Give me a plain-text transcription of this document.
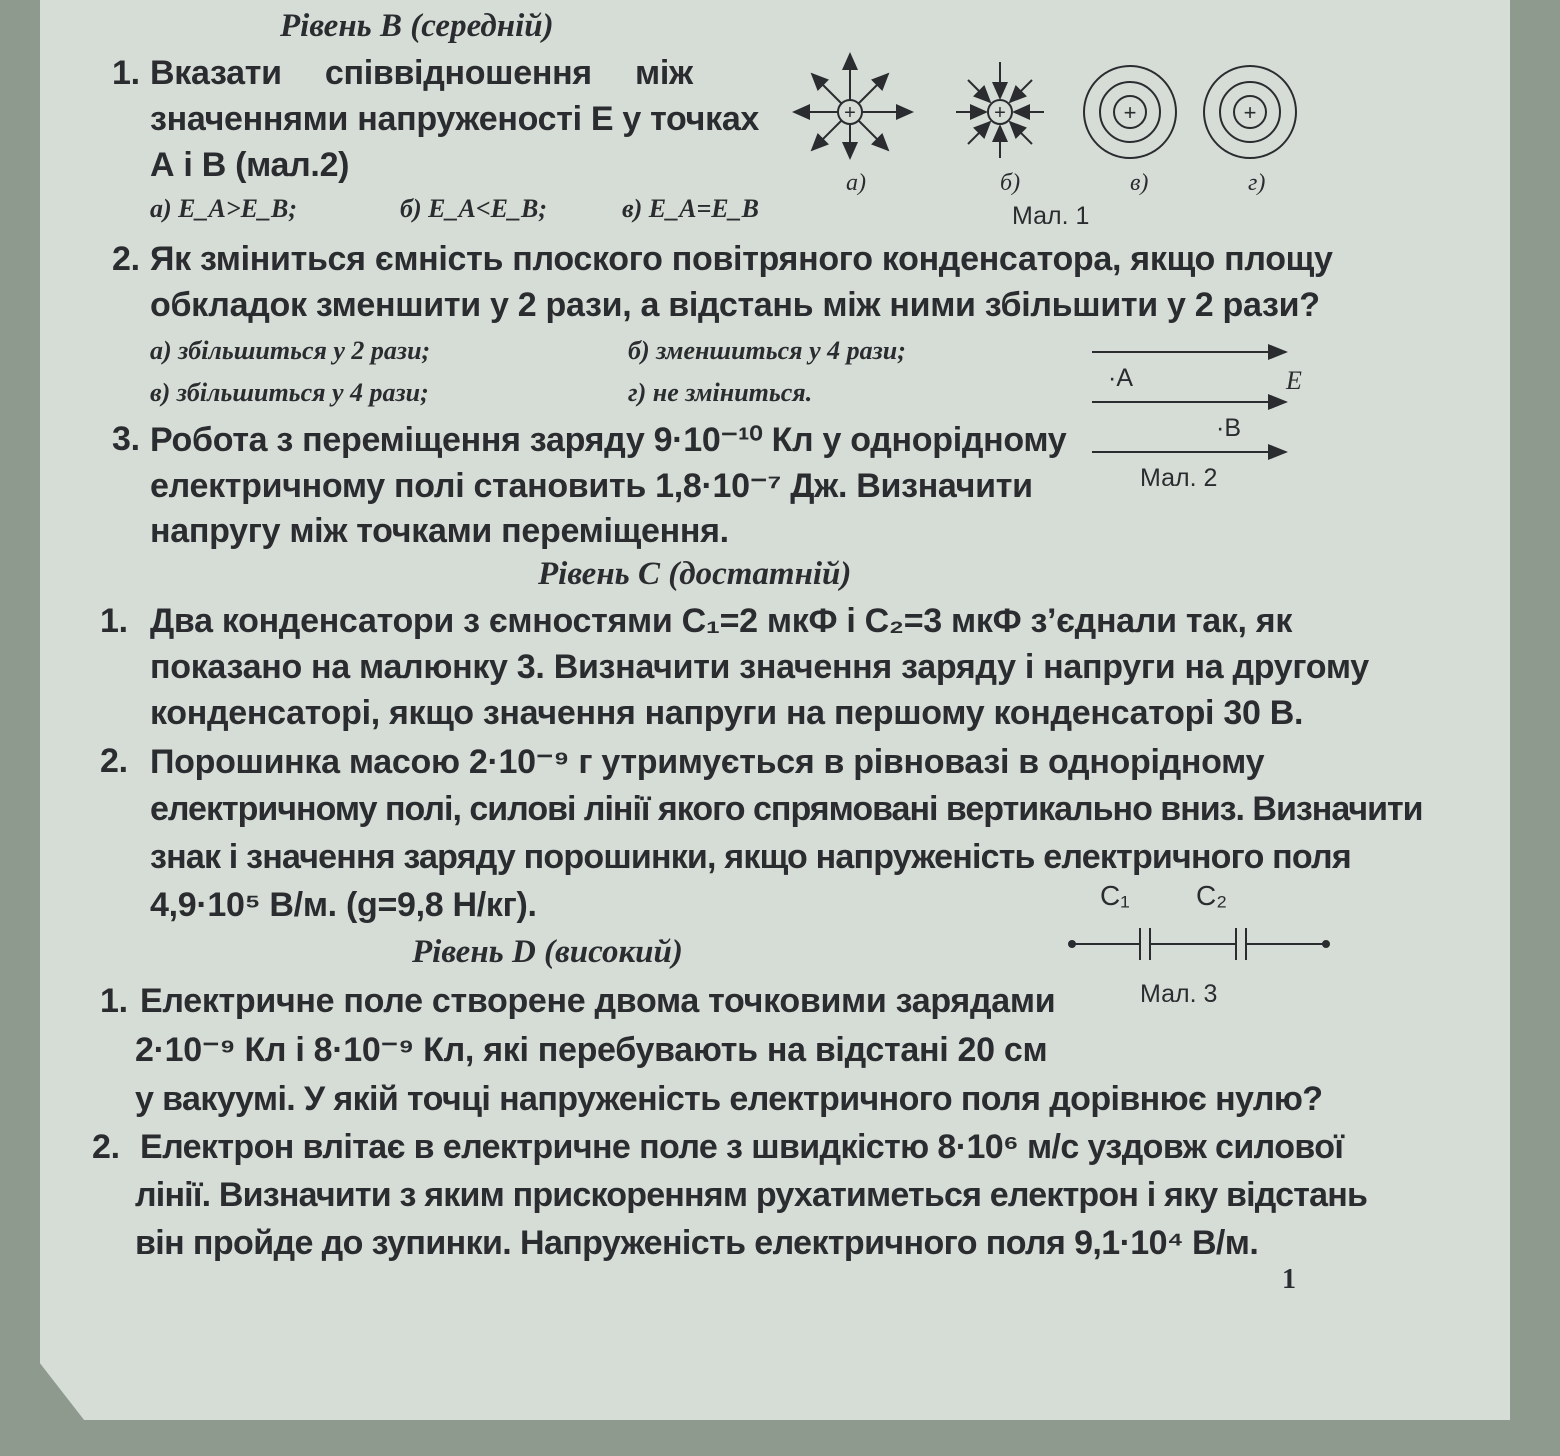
Рівень В (середній)
1. Вказати співвідношення між
значеннями напруженості E у точках
А і В (мал.2)
а) E_A>E_B;	б) E_A<E_B;	в) E_A=E_B
2. Як зміниться ємність плоского повітряного конденсатора, якщо площу
обкладок зменшити у 2 рази, а відстань між ними збільшити у 2 рази?
а) збільшиться у 2 рази;	б) зменшиться у 4 рази;
в) збільшиться у 4 рази;	г) не зміниться.
3. Робота з переміщення заряду 9·10⁻¹⁰ Кл у однорідному
електричному полі становить 1,8·10⁻⁷ Дж. Визначити
напругу між точками переміщення.
Рівень С (достатній)
1. Два конденсатори з ємностями C₁=2 мкФ і C₂=3 мкФ з’єднали так, як
показано на малюнку 3. Визначити значення заряду і напруги на другому
конденсаторі, якщо значення напруги на першому конденсаторі 30 В.
2. Порошинка масою 2·10⁻⁹ г утримується в рівновазі в однорідному
електричному полі, силові лінії якого спрямовані вертикально вниз. Визначити
знак і значення заряду порошинки, якщо напруженість електричного поля
4,9·10⁵ В/м. (g=9,8 Н/кг).
Рівень D (високий)
1. Електричне поле створене двома точковими зарядами
2·10⁻⁹ Кл і 8·10⁻⁹ Кл, які перебувають на відстані 20 см
у вакуумі. У якій точці напруженість електричного поля дорівнює нулю?
2. Електрон влітає в електричне поле з швидкістю 8·10⁶ м/с уздовж силової
лінії. Визначити з яким прискоренням рухатиметься електрон і яку відстань
він пройде до зупинки. Напруженість електричного поля 9,1·10⁴ В/м.
1
+	+	+	+
а)	б)	в)	г)
Мал. 1
·А
·В
E
Мал. 2
C₁ C₂
Мал. 3
